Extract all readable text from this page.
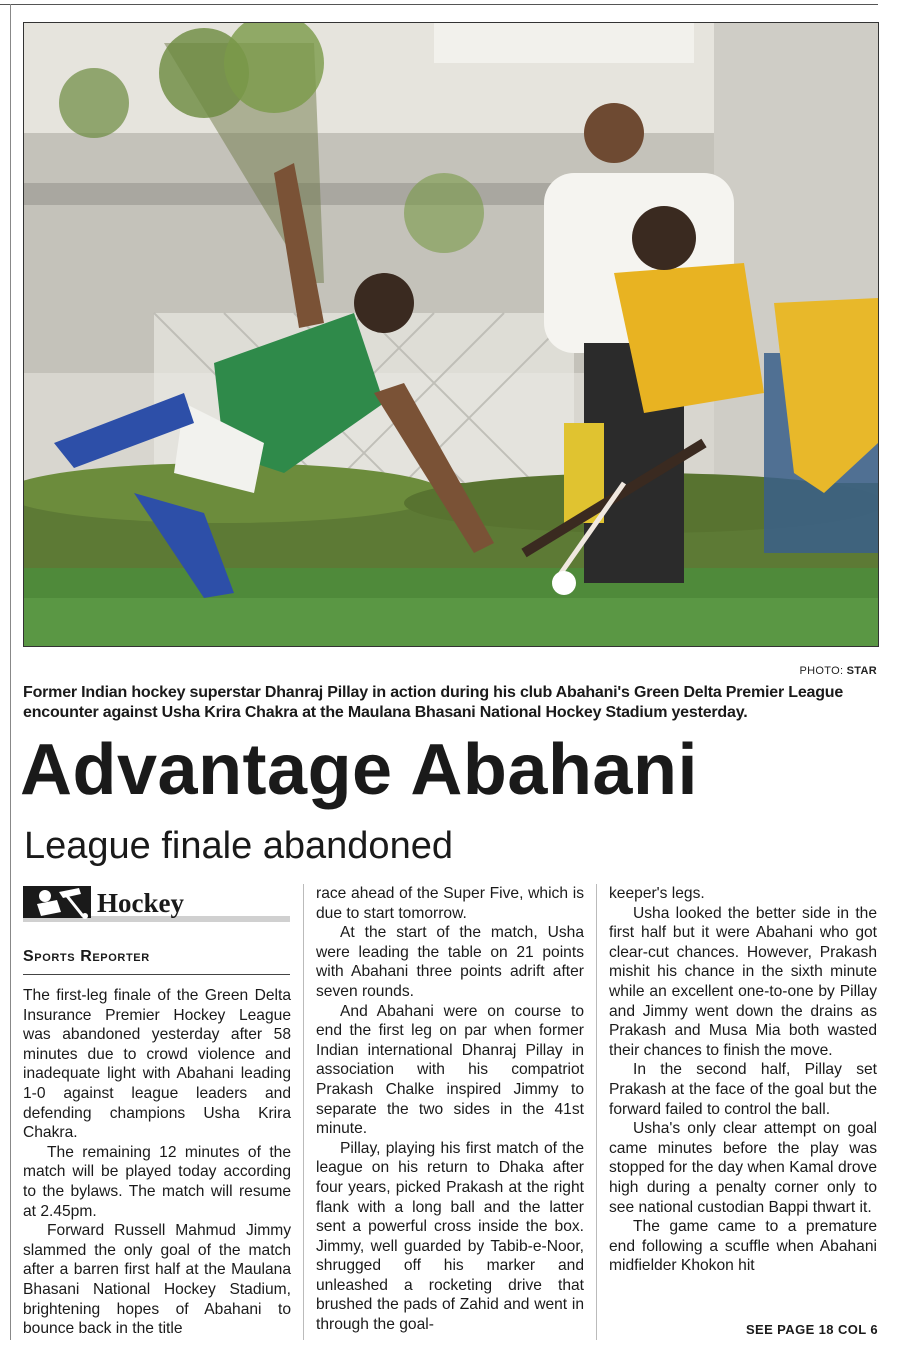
PHOTO: STAR
Former Indian hockey superstar Dhanraj Pillay in action during his club Abahani's Green Delta Premier League encounter against Usha Krira Chakra at the Maulana Bhasani National Hockey Stadium yesterday.
Advantage Abahani
League finale abandoned
Hockey
Sports Reporter

The first-leg finale of the Green Delta Insurance Premier Hockey League was abandoned yesterday after 58 minutes due to crowd violence and inadequate light with Abahani leading 1-0 against league leaders and defending champions Usha Krira Chakra.

The remaining 12 minutes of the match will be played today according to the bylaws. The match will resume at 2.45pm.

Forward Russell Mahmud Jimmy slammed the only goal of the match after a barren first half at the Maulana Bhasani National Hockey Stadium, brightening hopes of Abahani to bounce back in the title

race ahead of the Super Five, which is due to start tomorrow.

At the start of the match, Usha were leading the table on 21 points with Abahani three points adrift after seven rounds.

And Abahani were on course to end the first leg on par when former Indian international Dhanraj Pillay in association with his compatriot Prakash Chalke inspired Jimmy to separate the two sides in the 41st minute.

Pillay, playing his first match of the league on his return to Dhaka after four years, picked Prakash at the right flank with a long ball and the latter sent a powerful cross inside the box. Jimmy, well guarded by Tabib-e-Noor, shrugged off his marker and unleashed a rocketing drive that brushed the pads of Zahid and went in through the goal-

keeper's legs.

Usha looked the better side in the first half but it were Abahani who got clear-cut chances. However, Prakash mishit his chance in the sixth minute while an excellent one-to-one by Pillay and Jimmy went down the drains as Prakash and Musa Mia both wasted their chances to finish the move.

In the second half, Pillay set Prakash at the face of the goal but the forward failed to control the ball.

Usha's only clear attempt on goal came minutes before the play was stopped for the day when Kamal drove high during a penalty corner only to see national custodian Bappi thwart it.

The game came to a premature end following a scuffle when Abahani midfielder Khokon hit

SEE PAGE 18 COL 6
